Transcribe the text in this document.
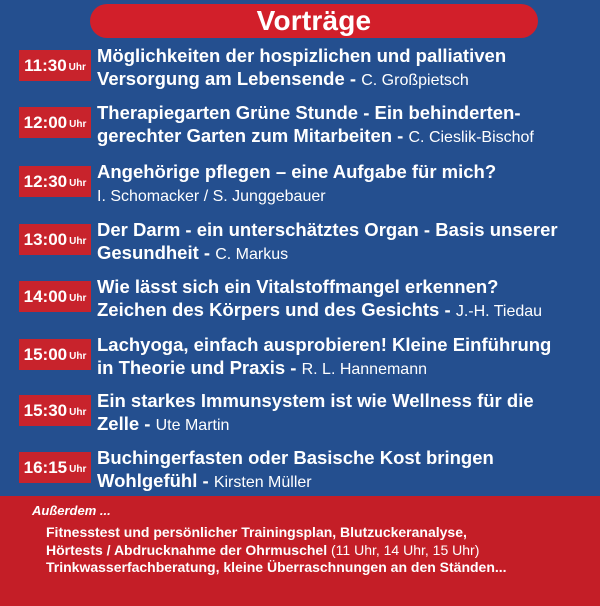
Vorträge
11:30 Uhr
Möglichkeiten der hospizlichen und palliativen
Versorgung am Lebensende - C. Großpietsch
12:00 Uhr
Therapiegarten Grüne Stunde - Ein behinderten-
gerechter Garten zum Mitarbeiten - C. Cieslik-Bischof
12:30 Uhr
Angehörige pflegen – eine Aufgabe für mich?
I. Schomacker / S. Junggebauer
13:00 Uhr
Der Darm - ein unterschätztes Organ - Basis unserer
Gesundheit - C. Markus
14:00 Uhr
Wie lässt sich ein Vitalstoffmangel erkennen?
Zeichen des Körpers und des Gesichts - J.-H. Tiedau
15:00 Uhr
Lachyoga, einfach ausprobieren! Kleine Einführung
in Theorie und Praxis - R. L. Hannemann
15:30 Uhr
Ein starkes Immunsystem ist wie Wellness für die
Zelle - Ute Martin
16:15 Uhr
Buchingerfasten oder Basische Kost bringen
Wohlgefühl - Kirsten Müller
Außerdem ...
Fitnesstest und persönlicher Trainingsplan, Blutzuckeranalyse,
Hörtests / Abdrucknahme der Ohrmuschel (11 Uhr, 14 Uhr, 15 Uhr)
Trinkwasserfachberatung, kleine Überraschnungen an den Ständen...
